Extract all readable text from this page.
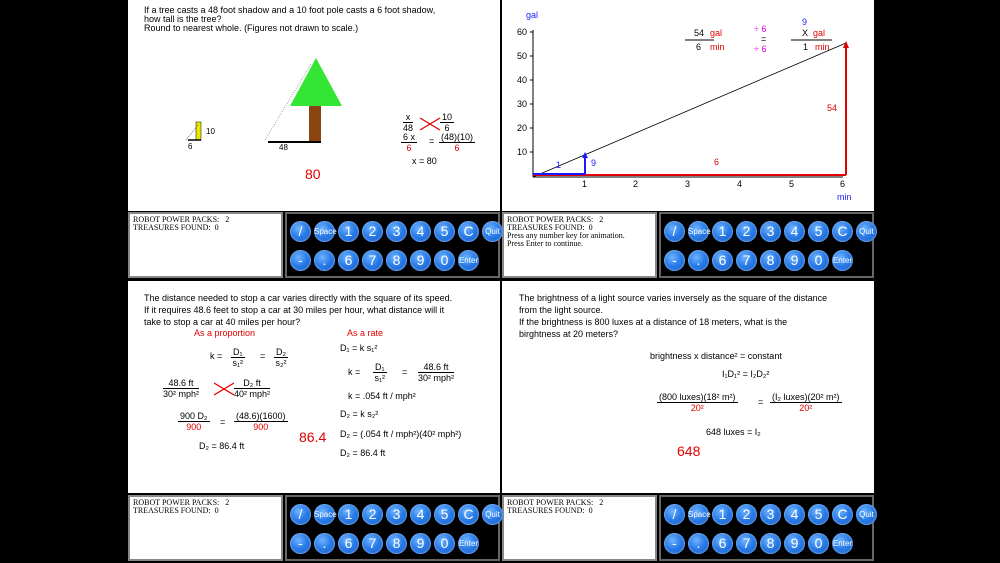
If a tree casts a 48 foot shadow and a 10 foot pole casts a 6 foot shadow,
how tall is the tree?
Round to nearest whole. (Figures not drawn to scale.)
10
6	48
$\frac{x}{48}$	$\frac{10}{6}$
$\frac{6 x}{6} = \frac{(48)(10)}{6}$
x = 80
80
gal
min
10
20
30
40
50
60
1	2	3	4	5	6
54 gal
6 min
÷ 6
=
÷ 6
9
X gal
1 min
54
6
1	9
The distance needed to stop a car varies directly with the square of its speed.
If it requires 48.6 feet to stop a car at 30 miles per hour, what distance will it
take to stop a car at 40 miles per hour?
As a proportion	As a rate
$k = \frac{\text{D₁}}{\text{s₁²}} = \frac{\text{D₂}}{\text{s₂²}}$
48.6 ft
30² mph²
D₂ ft
40² mph²
$\frac{\text{900 D₂}}{900} = \frac{(48.6)(1600)}{900}$
D₂ = 86.4 ft
86.4
D₁ = k s₁²
$k = \frac{\text{D₁}}{\text{s₁²}}$ =	48.6 ft
30² mph²
k = .054 ft / mph²
D₂ = k s₂²
D₂ = (.054 ft / mph²)(40² mph²)
D₂ = 86.4 ft
The brightness of a light source varies inversely as the square of the distance
from the light source.
If the brightness is 800 luxes at a distance of 18 meters, what is the
birghtness at 20 meters?
brightness x distance² = constant
I₁D₁² = I₂D₂²
(800 luxes)(18² m²)
20²
= (I₂ luxes)(20² m²)
20²
648 luxes = I₂
648
ROBOT POWER PACKS: 2
TREASURES FOUND: 0
ROBOT POWER PACKS: 2
TREASURES FOUND: 0
Press any number key for animation.
Press Enter to continue.
ROBOT POWER PACKS: 2
TREASURES FOUND: 0
ROBOT POWER PACKS: 2
TREASURES FOUND: 0
/	Space 1	2	3	4	5	C	Quit
-	.	6	7	8	9	0	Enter
/	Space 1	2	3	4	5	C	Quit
-	.	6	7	8	9	0	Enter
/	Space 1	2	3	4	5	C	Quit
-	.	6	7	8	9	0	Enter
/	Space 1	2	3	4	5	C	Quit
-	.	6	7	8	9	0	Enter
